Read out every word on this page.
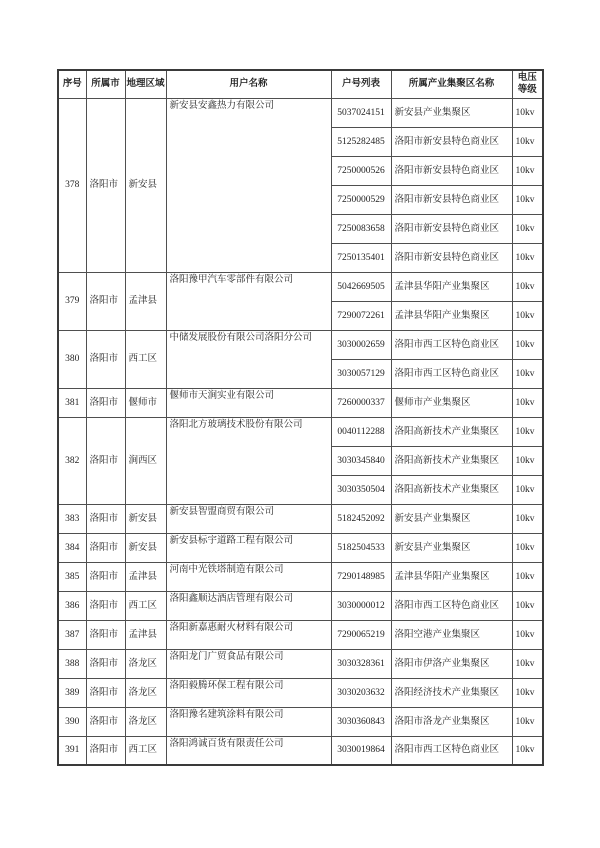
序号	所属市	地理区域	用户名称	户号列表	所属产业集聚区名称	电压等级
378	洛阳市	新安县	新安县安鑫热力有限公司	5037024151	新安县产业集聚区	10kv
				5125282485	洛阳市新安县特色商业区	10kv
				7250000526	洛阳市新安县特色商业区	10kv
				7250000529	洛阳市新安县特色商业区	10kv
				7250083658	洛阳市新安县特色商业区	10kv
				7250135401	洛阳市新安县特色商业区	10kv
379	洛阳市	孟津县	洛阳豫甲汽车零部件有限公司	5042669505	孟津县华阳产业集聚区	10kv
				7290072261	孟津县华阳产业集聚区	10kv
380	洛阳市	西工区	中储发展股份有限公司洛阳分公司	3030002659	洛阳市西工区特色商业区	10kv
				3030057129	洛阳市西工区特色商业区	10kv
381	洛阳市	偃师市	偃师市天涧实业有限公司	7260000337	偃师市产业集聚区	10kv
382	洛阳市	涧西区	洛阳北方玻璃技术股份有限公司	0040112288	洛阳高新技术产业集聚区	10kv
				3030345840	洛阳高新技术产业集聚区	10kv
				3030350504	洛阳高新技术产业集聚区	10kv
383	洛阳市	新安县	新安县智盟商贸有限公司	5182452092	新安县产业集聚区	10kv
384	洛阳市	新安县	新安县标宇道路工程有限公司	5182504533	新安县产业集聚区	10kv
385	洛阳市	孟津县	河南中光铁塔制造有限公司	7290148985	孟津县华阳产业集聚区	10kv
386	洛阳市	西工区	洛阳鑫顺达酒店管理有限公司	3030000012	洛阳市西工区特色商业区	10kv
387	洛阳市	孟津县	洛阳新嘉惠耐火材料有限公司	7290065219	洛阳空港产业集聚区	10kv
388	洛阳市	洛龙区	洛阳龙门广贸食品有限公司	3030328361	洛阳市伊洛产业集聚区	10kv
389	洛阳市	洛龙区	洛阳毅腾环保工程有限公司	3030203632	洛阳经济技术产业集聚区	10kv
390	洛阳市	洛龙区	洛阳豫名建筑涂料有限公司	3030360843	洛阳市洛龙产业集聚区	10kv
391	洛阳市	西工区	洛阳鸿诚百货有限责任公司	3030019864	洛阳市西工区特色商业区	10kv
